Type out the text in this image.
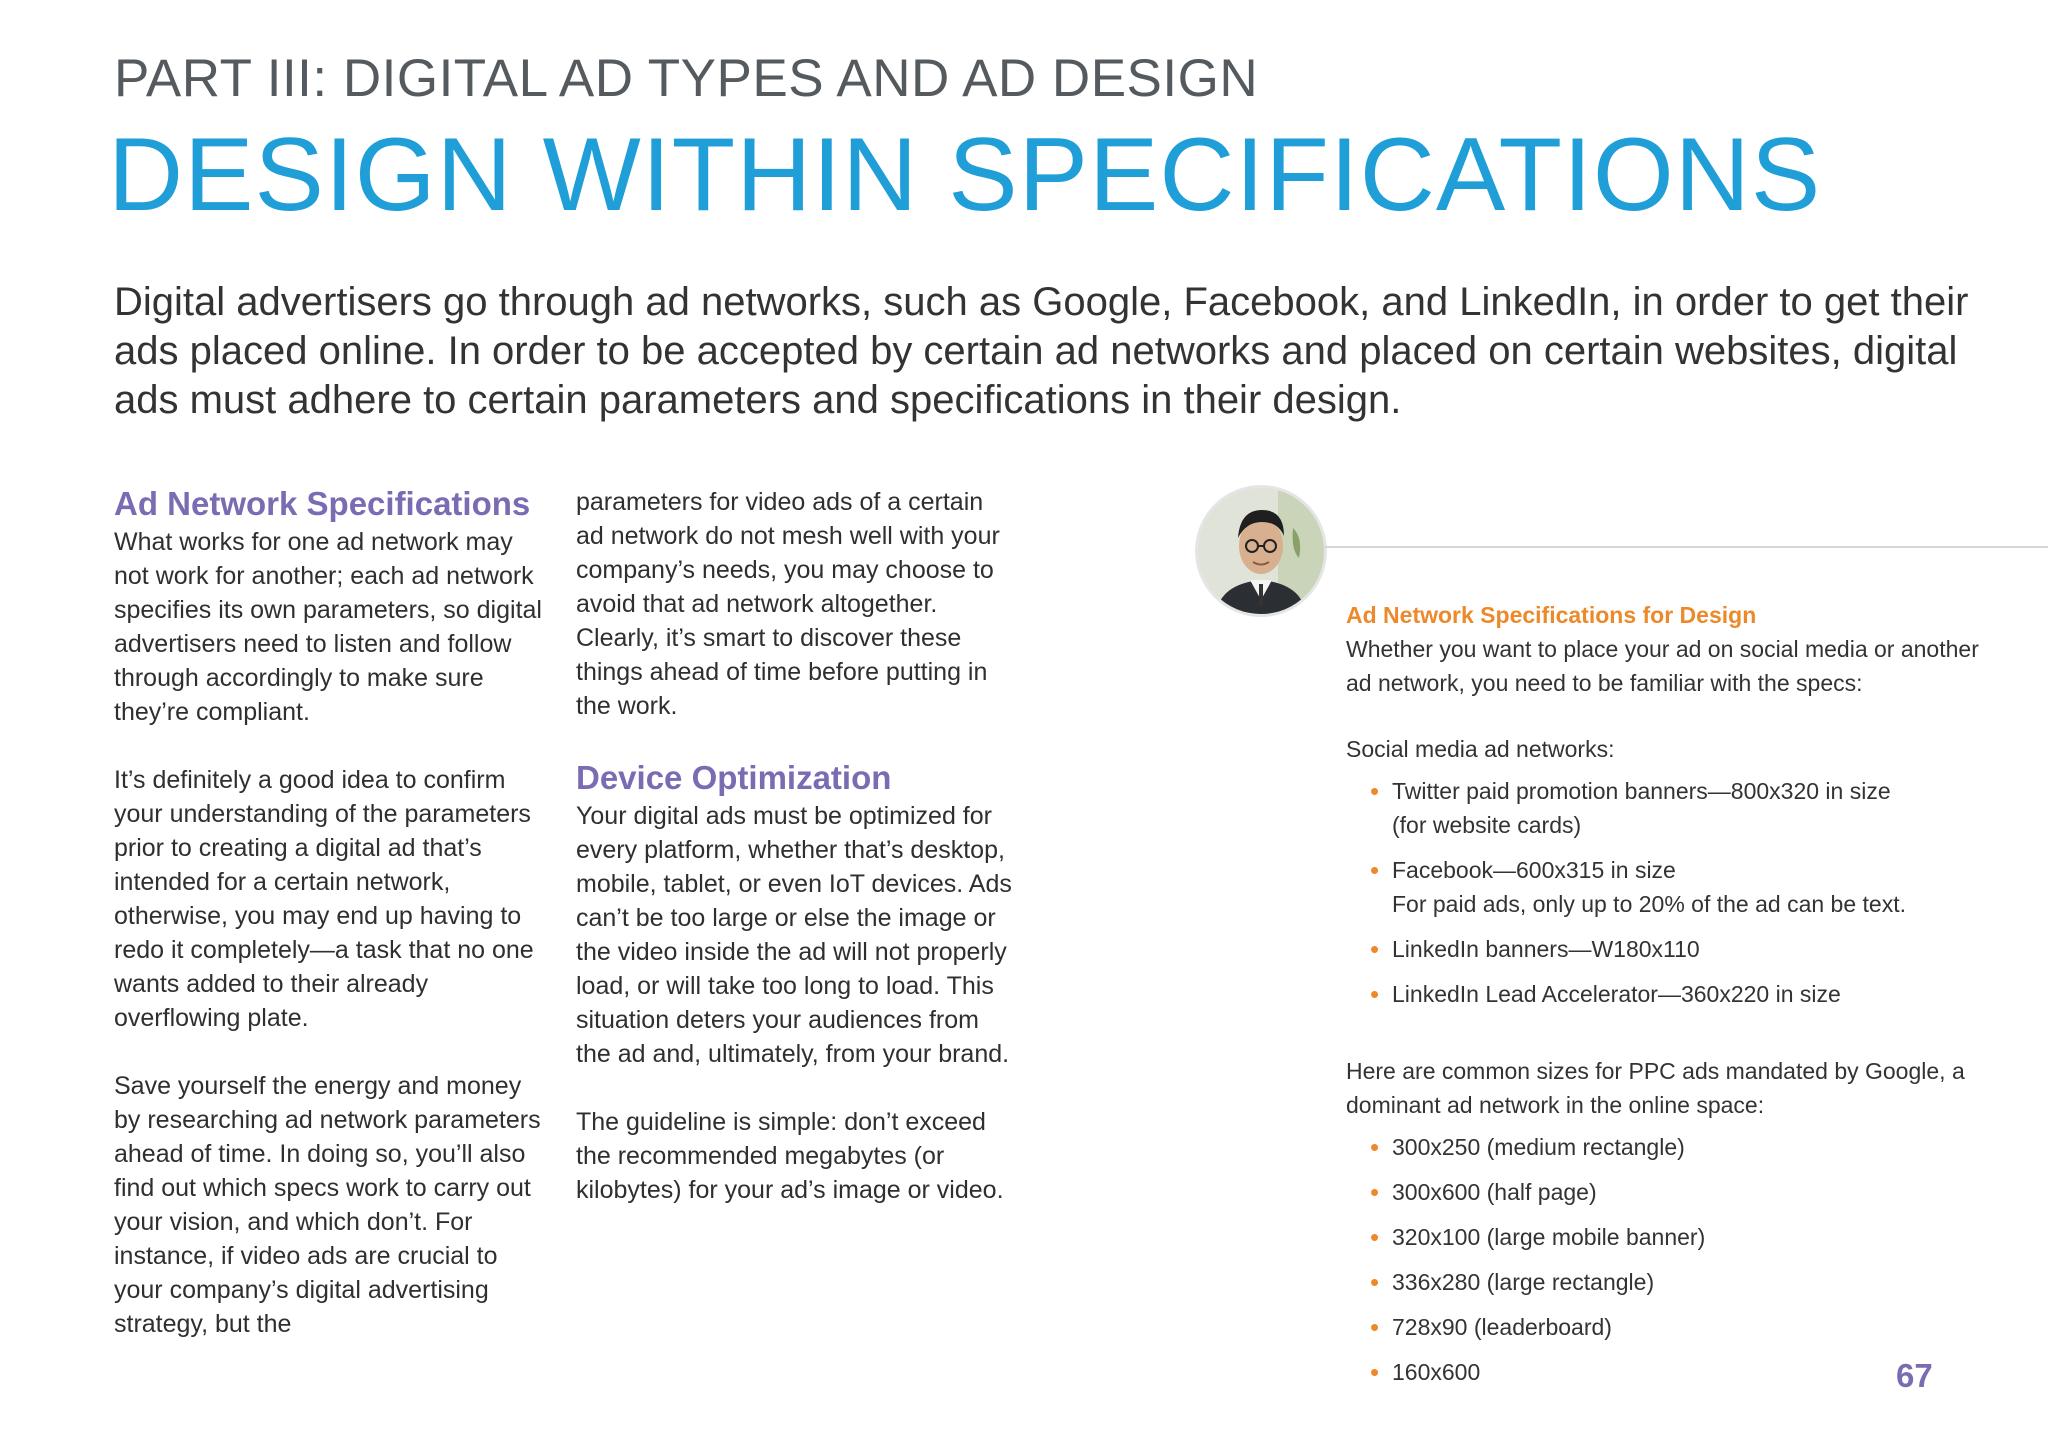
PART III: DIGITAL AD TYPES AND AD DESIGN
DESIGN WITHIN SPECIFICATIONS
Digital advertisers go through ad networks, such as Google, Facebook, and LinkedIn, in order to get their ads placed online. In order to be accepted by certain ad networks and placed on certain websites, digital ads must adhere to certain parameters and specifications in their design.
Ad Network Specifications

What works for one ad network may not work for another; each ad network specifies its own parameters, so digital advertisers need to listen and follow through accordingly to make sure they’re compliant.

It’s definitely a good idea to confirm your understanding of the parameters prior to creating a digital ad that’s intended for a certain network, otherwise, you may end up having to redo it completely—a task that no one wants added to their already overflowing plate.

Save yourself the energy and money by researching ad network parameters ahead of time. In doing so, you’ll also find out which specs work to carry out your vision, and which don’t. For instance, if video ads are crucial to your company’s digital advertising strategy, but the

parameters for video ads of a certain ad network do not mesh well with your company’s needs, you may choose to avoid that ad network altogether. Clearly, it’s smart to discover these things ahead of time before putting in the work.

Device Optimization

Your digital ads must be optimized for every platform, whether that’s desktop, mobile, tablet, or even IoT devices. Ads can’t be too large or else the image or the video inside the ad will not properly load, or will take too long to load. This situation deters your audiences from the ad and, ultimately, from your brand.

The guideline is simple: don’t exceed the recommended megabytes (or kilobytes) for your ad’s image or video.

Ad Network Specifications for Design

Whether you want to place your ad on social media or another ad network, you need to be familiar with the specs:

Social media ad networks:

• Twitter paid promotion banners—800x320 in size
(for website cards)
• Facebook—600x315 in size
For paid ads, only up to 20% of the ad can be text.
• LinkedIn banners—W180x110
• LinkedIn Lead Accelerator—360x220 in size

Here are common sizes for PPC ads mandated by Google, a dominant ad network in the online space:

• 300x250 (medium rectangle)
• 300x600 (half page)
• 320x100 (large mobile banner)
• 336x280 (large rectangle)
• 728x90 (leaderboard)
• 160x600	67
